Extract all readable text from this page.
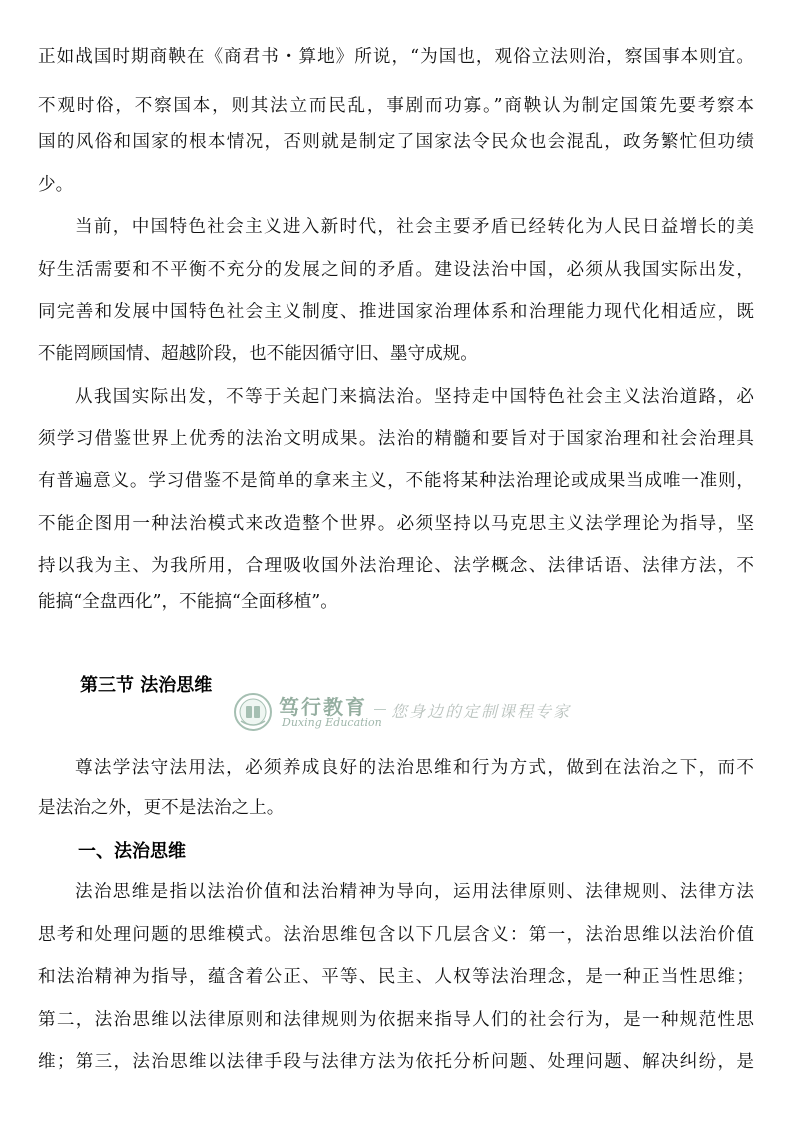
正如战国时期商鞅在《商君书・算地》所说，“为国也，观俗立法则治，察国事本则宜。
不观时俗，不察国本，则其法立而民乱，事剧而功寡。”商鞅认为制定国策先要考察本
国的风俗和国家的根本情况，否则就是制定了国家法令民众也会混乱，政务繁忙但功绩
少。
当前，中国特色社会主义进入新时代，社会主要矛盾已经转化为人民日益增长的美
好生活需要和不平衡不充分的发展之间的矛盾。建设法治中国，必须从我国实际出发，
同完善和发展中国特色社会主义制度、推进国家治理体系和治理能力现代化相适应，既
不能罔顾国情、超越阶段，也不能因循守旧、墨守成规。
从我国实际出发，不等于关起门来搞法治。坚持走中国特色社会主义法治道路，必
须学习借鉴世界上优秀的法治文明成果。法治的精髓和要旨对于国家治理和社会治理具
有普遍意义。学习借鉴不是简单的拿来主义，不能将某种法治理论或成果当成唯一准则，
不能企图用一种法治模式来改造整个世界。必须坚持以马克思主义法学理论为指导，坚
持以我为主、为我所用，合理吸收国外法治理论、法学概念、法律话语、法律方法，不
能搞“全盘西化”，不能搞“全面移植”。
第三节 法治思维
笃行教育
Duxing Education
您身边的定制课程专家
尊法学法守法用法，必须养成良好的法治思维和行为方式，做到在法治之下，而不
是法治之外，更不是法治之上。
一、法治思维
法治思维是指以法治价值和法治精神为导向，运用法律原则、法律规则、法律方法
思考和处理问题的思维模式。法治思维包含以下几层含义：第一，法治思维以法治价值
和法治精神为指导，蕴含着公正、平等、民主、人权等法治理念，是一种正当性思维；
第二，法治思维以法律原则和法律规则为依据来指导人们的社会行为，是一种规范性思
维；第三，法治思维以法律手段与法律方法为依托分析问题、处理问题、解决纠纷，是
